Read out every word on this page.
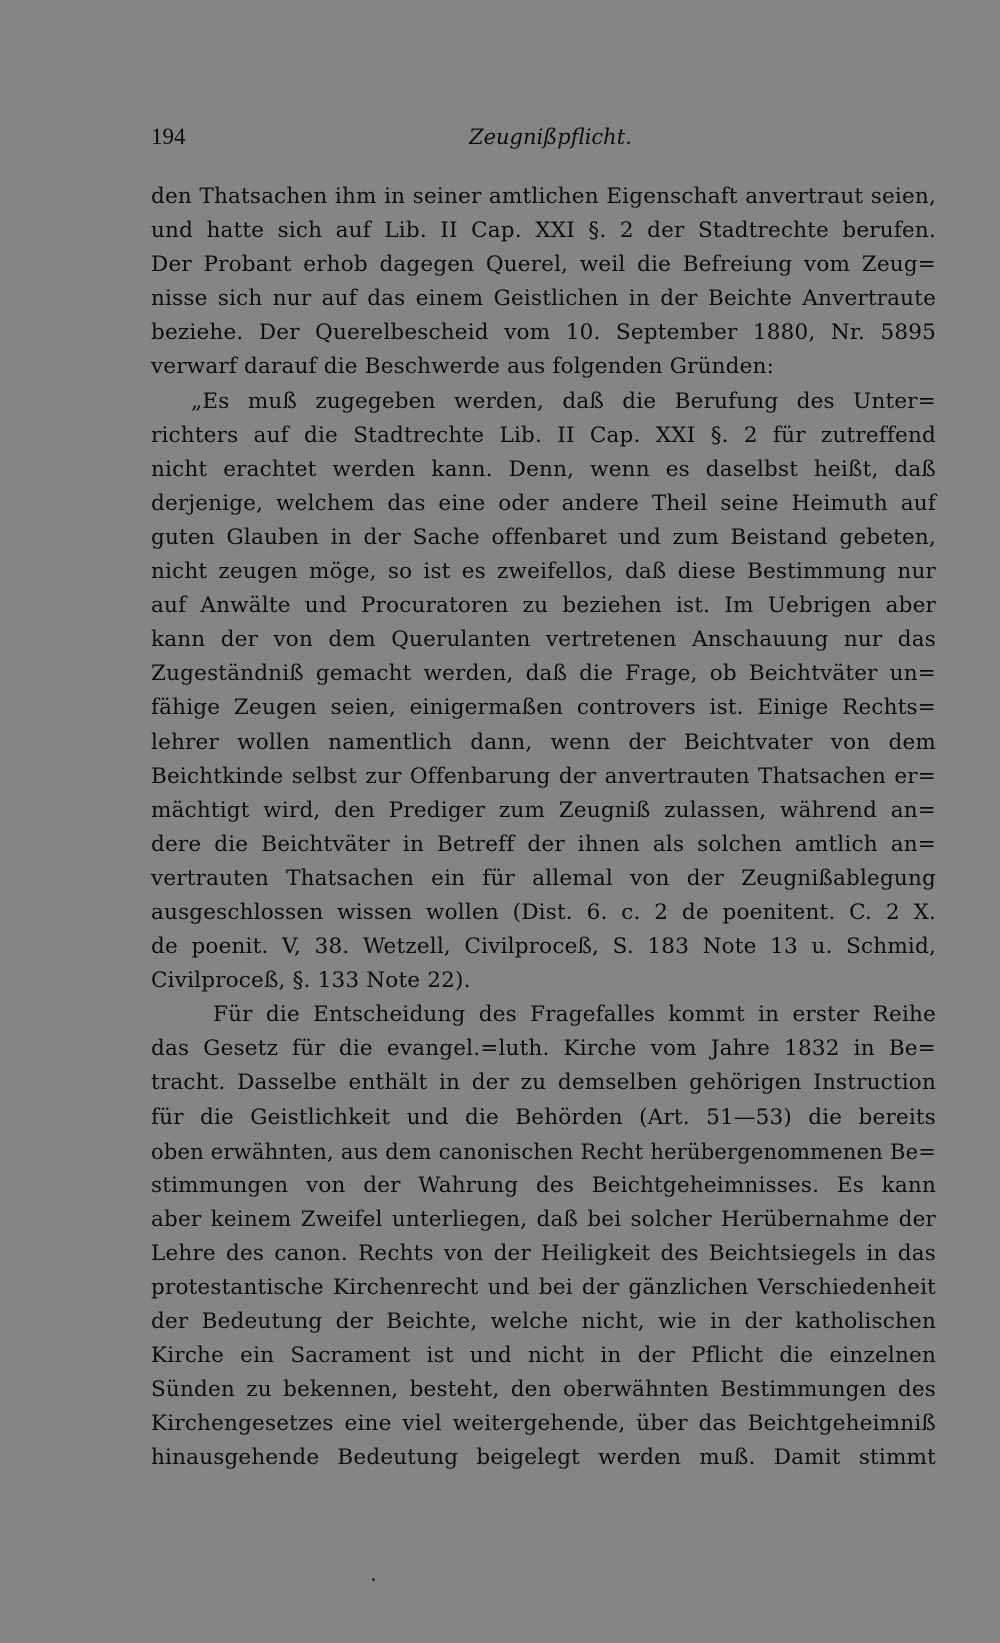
194	Zeugnißpflicht.
den Thatsachen ihm in seiner amtlichen Eigenschaft anvertraut seien,
und hatte sich auf Lib. II Cap. XXI §. 2 der Stadtrechte berufen.
Der Probant erhob dagegen Querel, weil die Befreiung vom Zeug=
nisse sich nur auf das einem Geistlichen in der Beichte Anvertraute
beziehe. Der Querelbescheid vom 10. September 1880, Nr. 5895
verwarf darauf die Beschwerde aus folgenden Gründen:
„Es muß zugegeben werden, daß die Berufung des Unter=
richters auf die Stadtrechte Lib. II Cap. XXI §. 2 für zutreffend
nicht erachtet werden kann. Denn, wenn es daselbst heißt, daß
derjenige, welchem das eine oder andere Theil seine Heimuth auf
guten Glauben in der Sache offenbaret und zum Beistand gebeten,
nicht zeugen möge, so ist es zweifellos, daß diese Bestimmung nur
auf Anwälte und Procuratoren zu beziehen ist. Im Uebrigen aber
kann der von dem Querulanten vertretenen Anschauung nur das
Zugeständniß gemacht werden, daß die Frage, ob Beichtväter un=
fähige Zeugen seien, einigermaßen controvers ist. Einige Rechts=
lehrer wollen namentlich dann, wenn der Beichtvater von dem
Beichtkinde selbst zur Offenbarung der anvertrauten Thatsachen er=
mächtigt wird, den Prediger zum Zeugniß zulassen, während an=
dere die Beichtväter in Betreff der ihnen als solchen amtlich an=
vertrauten Thatsachen ein für allemal von der Zeugnißablegung
ausgeschlossen wissen wollen (Dist. 6. c. 2 de poenitent. C. 2 X.
de poenit. V, 38. Wetzell, Civilproceß, S. 183 Note 13 u. Schmid,
Civilproceß, §. 133 Note 22).
Für die Entscheidung des Fragefalles kommt in erster Reihe
das Gesetz für die evangel.=luth. Kirche vom Jahre 1832 in Be=
tracht. Dasselbe enthält in der zu demselben gehörigen Instruction
für die Geistlichkeit und die Behörden (Art. 51—53) die bereits
oben erwähnten, aus dem canonischen Recht herübergenommenen Be=
stimmungen von der Wahrung des Beichtgeheimnisses. Es kann
aber keinem Zweifel unterliegen, daß bei solcher Herübernahme der
Lehre des canon. Rechts von der Heiligkeit des Beichtsiegels in das
protestantische Kirchenrecht und bei der gänzlichen Verschiedenheit
der Bedeutung der Beichte, welche nicht, wie in der katholischen
Kirche ein Sacrament ist und nicht in der Pflicht die einzelnen
Sünden zu bekennen, besteht, den oberwähnten Bestimmungen des
Kirchengesetzes eine viel weitergehende, über das Beichtgeheimniß
hinausgehende Bedeutung beigelegt werden muß. Damit stimmt
